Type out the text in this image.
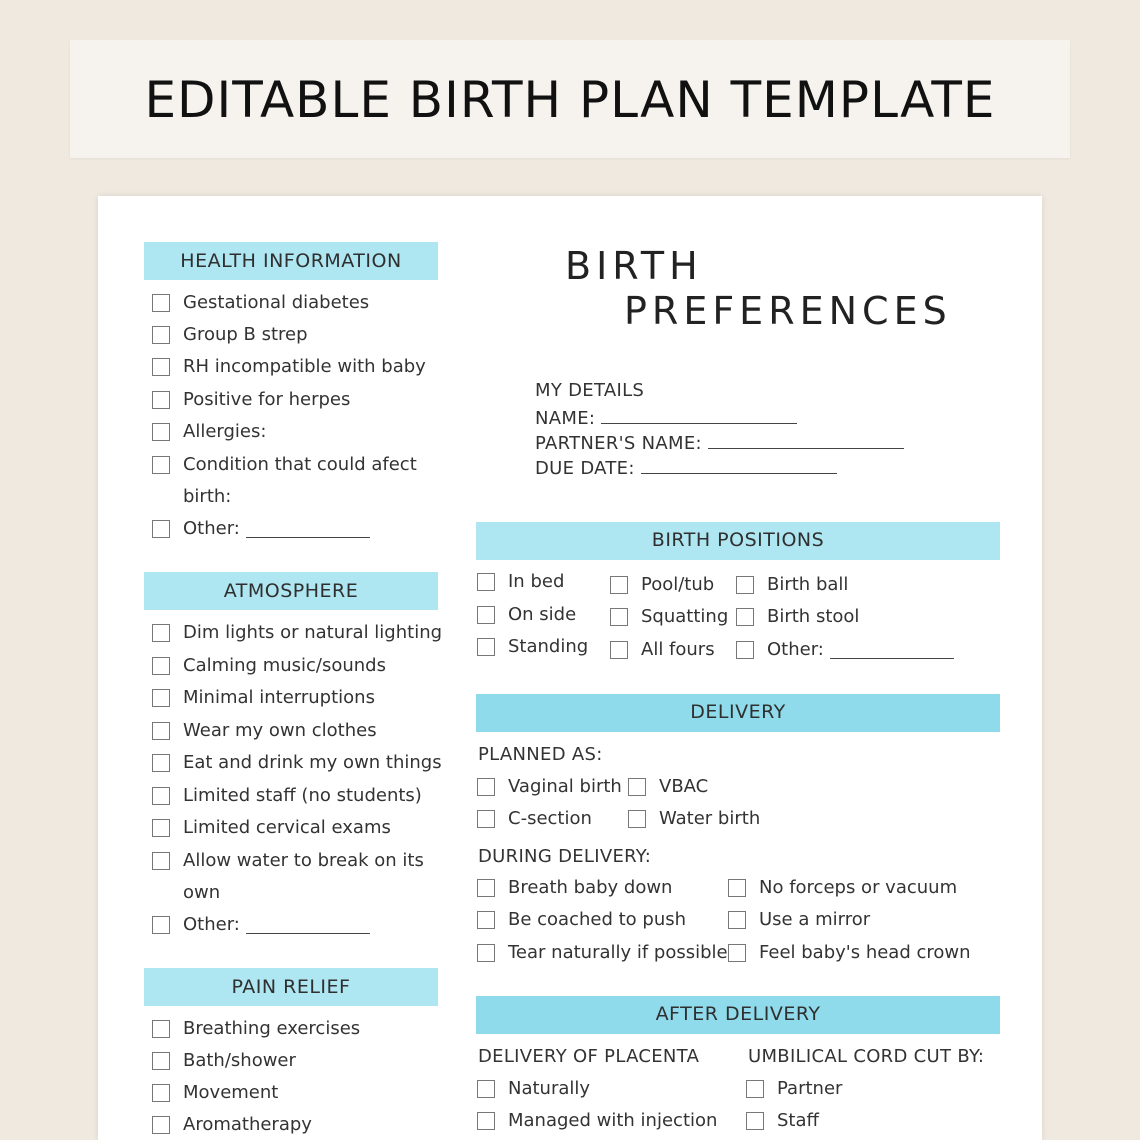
EDITABLE BIRTH PLAN TEMPLATE
BIRTH
PREFERENCES
MY DETAILS
NAME:
PARTNER'S NAME:
DUE DATE:
HEALTH INFORMATION
Gestational diabetes
Group B strep
RH incompatible with baby
Positive for herpes
Allergies:
Condition that could afect
birth:
Other:
ATMOSPHERE
Dim lights or natural lighting
Calming music/sounds
Minimal interruptions
Wear my own clothes
Eat and drink my own things
Limited staff (no students)
Limited cervical exams
Allow water to break on its
own
Other:
PAIN RELIEF
Breathing exercises
Bath/shower
Movement
Aromatherapy
BIRTH POSITIONS
In bed
On side
Standing
Pool/tub
Squatting
All fours
Birth ball
Birth stool
Other:
DELIVERY
PLANNED AS:
Vaginal birth VBAC
C-section	Water birth
DURING DELIVERY:
Breath baby down
Be coached to push
Tear naturally if possible
No forceps or vacuum
Use a mirror
Feel baby's head crown
AFTER DELIVERY
DELIVERY OF PLACENTA	UMBILICAL CORD CUT BY:
Naturally
Managed with injection
Partner
Staff
